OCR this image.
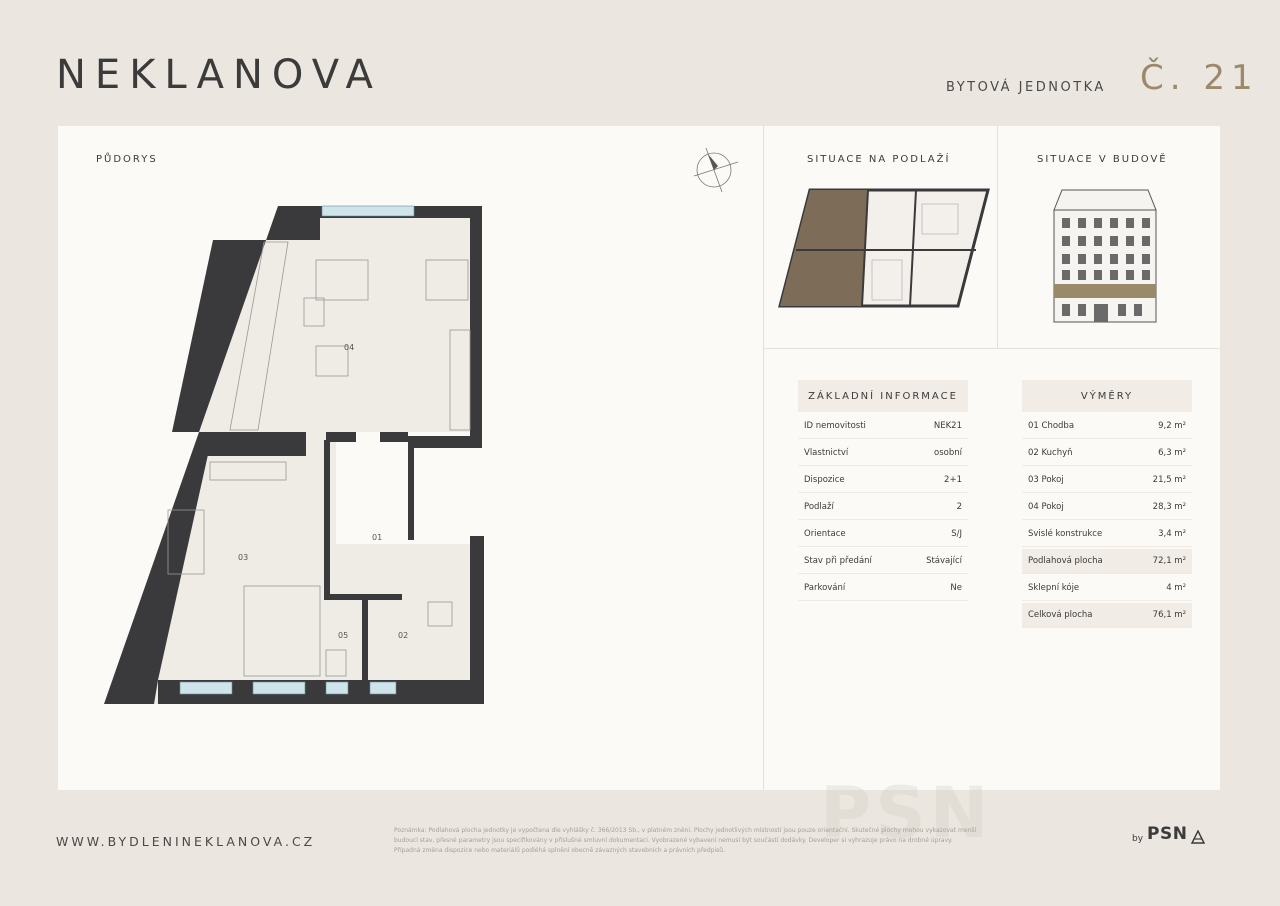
NEKLANOVA	BYTOVÁ JEDNOTKA Č. 21
PŮDORYS
04
03
01
05	02
SITUACE NA PODLAŽÍ	SITUACE V BUDOVĚ
ZÁKLADNÍ INFORMACE
ID nemovitosti	NEK21
Vlastnictví	osobní
Dispozice	2+1
Podlaží	2
Orientace	S/J
Stav při předání	Stávající
Parkování	Ne
VÝMĚRY
01 Chodba	9,2 m²
02 Kuchyň	6,3 m²
03 Pokoj	21,5 m²
04 Pokoj	28,3 m²
Svislé konstrukce	3,4 m²
Podlahová plocha	72,1 m²
Sklepní kóje	4 m²
Celková plocha	76,1 m²
PSN
WWW.BYDLENINEKLANOVA.CZ
Poznámka: Podlahová plocha jednotky je vypočtena dle vyhlášky č. 366/2013 Sb., v platném znění. Plochy jednotlivých místností jsou pouze orientační. Skutečné plochy mohou vykazovat menší
budoucí stav, přesné parametry jsou specifikovány v příslušné smluvní dokumentaci. Vyobrazené vybavení nemusí být součástí dodávky. Developer si vyhrazuje právo na drobné úpravy.
Případná změna dispozice nebo materiálů podléhá splnění obecně závazných stavebních a právních předpisů.
by PSN
